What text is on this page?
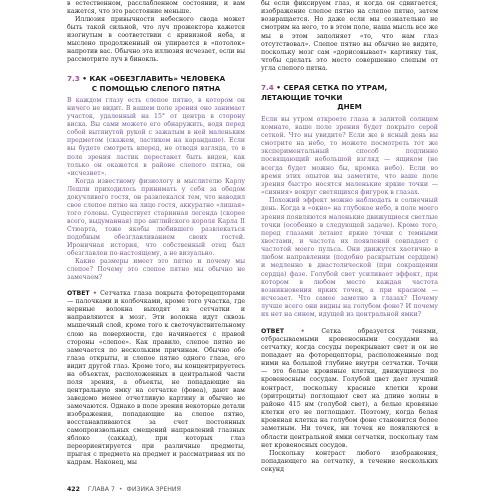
в естественном, расслабленном состоянии, и вам кажется, что это расстояние меньше.

Иллюзия привычности небесного свода может быть такой сильной, что луч прожектора кажется изогнутым в соответствии с кривизной неба, и мыслено продолженный он упирается в «потолок» напротив вас. Обычно эта иллюзия исчезает, если вы рассмотрите луч в бинокль.

7.3 • КАК «ОБЕЗГЛАВИТЬ» ЧЕЛОВЕКА
С ПОМОЩЬЮ СЛЕПОГО ПЯТНА

В каждом глазу есть слепое пятно, в котором он ничего не видит. В вашем поле зрения оно занимает участок, удаленный на 15° от центра в сторону виска. Вы сами можете его обнаружить, водя перед собой вытянутой рукой с зажатым в ней маленьким предметом (скажем, ластиком на карандаше). Если вы будете смотреть вперед, не отводя взгляда, то в поле зрения ластик перестанет быть виден, как только он окажется в районе слепого пятна, он «исчезнет».

Когда известному физиологу и мыслителю Карлу Лешли приходилось принимать у себя за обедом докучливого гостя, он развлекался тем, что наводил свое слепое пятно на лицо гостя, аккуратно «лишая» того головы. Существует старинная легенда (скорее всего, выдуманная) про английского короля Карла II Стюарта, тоже якобы любившего развлекаться подобным обезглавливанием своих гостей. Ироничная история, что собственный отец был обезглавлен по-настоящему, а не визуально.

Какие размеры имеет это пятно и почему мы слепое? Почему это слепое пятно мы обычно не замечаем?

ОТВЕТ • Сетчатка глаза покрыта фоторецепторами — палочками и колбочками, кроме того участка, где нервные волокна выходят из сетчатки и направляются в мозг. Эти волокна идут сквозь мышечный слой, кроме того к светочувствительному слою на поверхности, где начинается с правой стороны «слепое». Как правило, слепое пятно не замечается по нескольким причинам. Обычно обе глаза открыты, и слепое пятно одного глаза, его видит другой глаз. Кроме того, вы концентрируетесь на объектах, расположенных в центральной части поля зрения, а объекты, не попадающие на центральную ямку на сетчатке (фовеа), дают вам заведомо менее отчетливую картину и обычно не замечаются. Однако в поле зрения некоторые детали изображения, попадающие на слепое пятно, восстанавливаются за счет постоянных самопроизвольных смещений направлений глазных яблоко (саккад), при которых глаз переориентируется при различные предметы, прыгая с предмета на предмет и рассматривая их по кадрам. Наконец, мы

бы если фиксируем глаз, и когда он сдвигается, изображение слепое пятно на слепое пятно, затем возвращается. Но даже если мы сознательно не смотрим на него, то в этом поле, наша мысль все же мы в этом заполняет «то, что нам глаз отсутствовал». Слепое пятно вы обычно не видите, поскольку мозг сам «дорисовывает» картинку так, чтобы сделать это место совершенно слепым от угла слепого пятна.

7.4 • СЕРАЯ СЕТКА ПО УТРАМ, ЛЕТАЮЩИЕ ТОЧКИ
ДНЕМ

Если вы утром откроете глаза в залитой солнцем комнате, ваше поле зрения будет покрыто серой сеткой. Что вы увидите? Если же в ясный день вы смотрите на небо, то можете посмотреть тот же экспериментальный способ подлинно посвящающий небольшой взгляд — ящиком (не всегда будет можно бы, кромка небо). Если во время этих опытов вы заметите, что ваше поле зрения быстро носятся маленькие яркие точки — «сияния» вокруг светящихся фигурок в глазах.

Похожий эффект можно наблюдать в солнечный день. Когда в «окно» на глубокое небо, в поле моего зрения появляются маленькие движущиеся светлые точки (особенно в следующей задаче). Кроме того, перед глазами летают яркие точки с темными хвостами, и частота их появлений совпадает с частотой моего пульса. Они движутся хаотично в любом направлении (подобно раскрытым сердцем) и медленно в диастолической (при сокращении сердца) фазе. Голубой свет усиливает эффект, при котором в любом месте каждая частота возникновения ярких точек, а при красном — исчезает. Что самое заметно в глазах? Почему лучше всего они видны на голубом фоне? И почему их нет на синем, идущей из центральной ямки?

ОТВЕТ	•	Сетка образуется тенями, отбрасываемыми кровеносными сосудами на сетчатку, когда сосуды перекрывают свет и он не попадает на фоторецепторы, расположенные под ними на большой глубине внутри сетчатки. Точки — это белые кровяные клетки, движущиеся по кровеносным сосудам. Голубой цвет дает лучший контраст, поскольку красные клетки крови (эритроциты) поглощают свет на длине волны в районе 415 нм (голубой свет), а белые кровяные клетки его не поглощают. Поэтому, когда белая кровяная клетка на голубом фоне становится более заметным. Ни точек, ни точек не появляются в области центральной ямки сетчатки, поскольку там нет кровеносных сосудов.

Поскольку контраст любого изображения, попадающего на сетчатку, в течение нескольких секунд

422 ГЛАВА 7 • ФИЗИКА ЗРЕНИЯ
